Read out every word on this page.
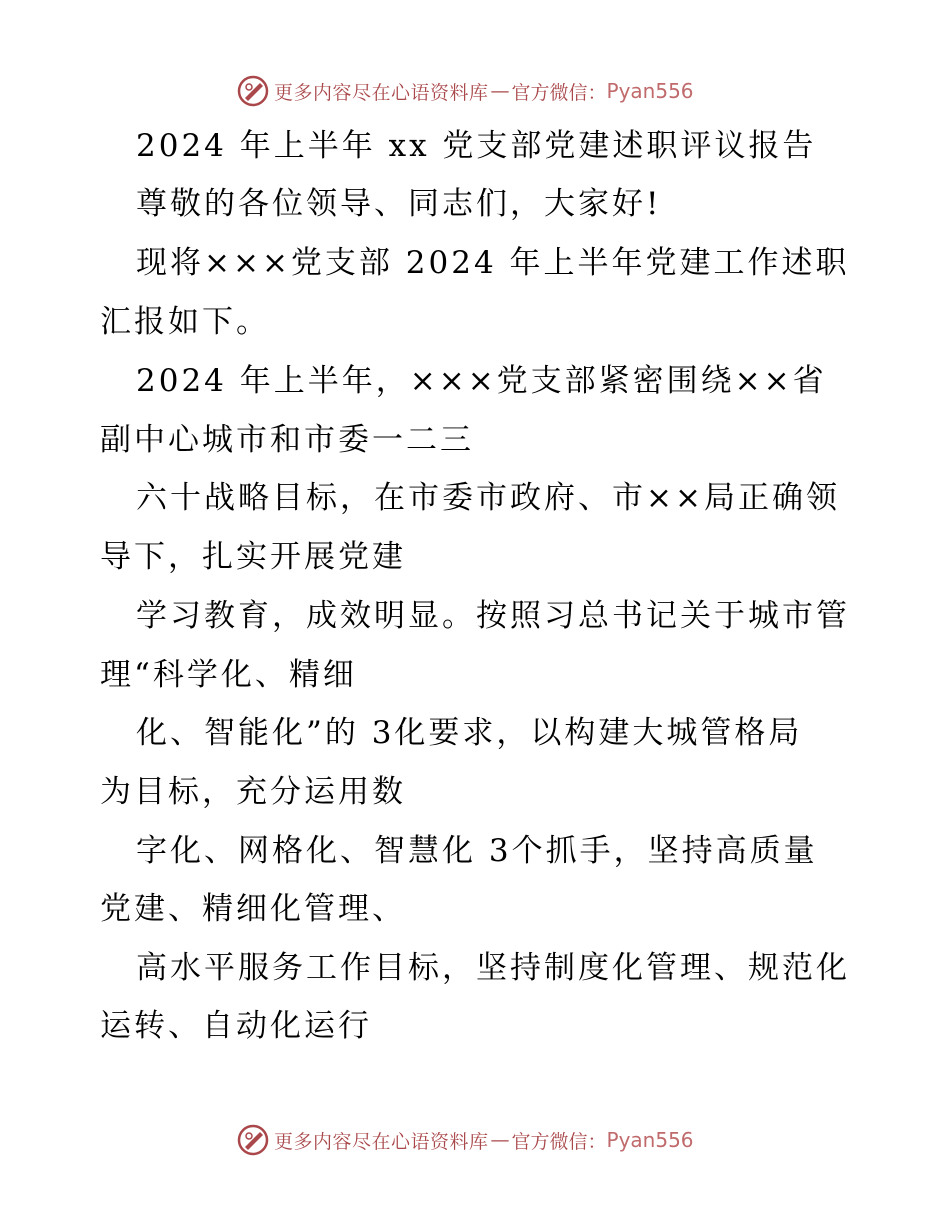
更多内容尽在心语资料库 — 官方微信： Pyan556
2024 年上半年 xx 党支部党建述职评议报告
尊敬的各位领导、同志们，大家好!
现将×××党支部 2024 年上半年党建工作述职
汇报如下。
2024 年上半年，×××党支部紧密围绕××省
副中心城市和市委一二三
六十战略目标，在市委市政府、市××局正确领
导下，扎实开展党建
学习教育，成效明显。按照习总书记关于城市管
理“科学化、精细
化、智能化”的 3化要求，以构建大城管格局
为目标，充分运用数
字化、网格化、智慧化 3个抓手，坚持高质量
党建、精细化管理、
高水平服务工作目标，坚持制度化管理、规范化
运转、自动化运行
更多内容尽在心语资料库 — 官方微信： Pyan556
